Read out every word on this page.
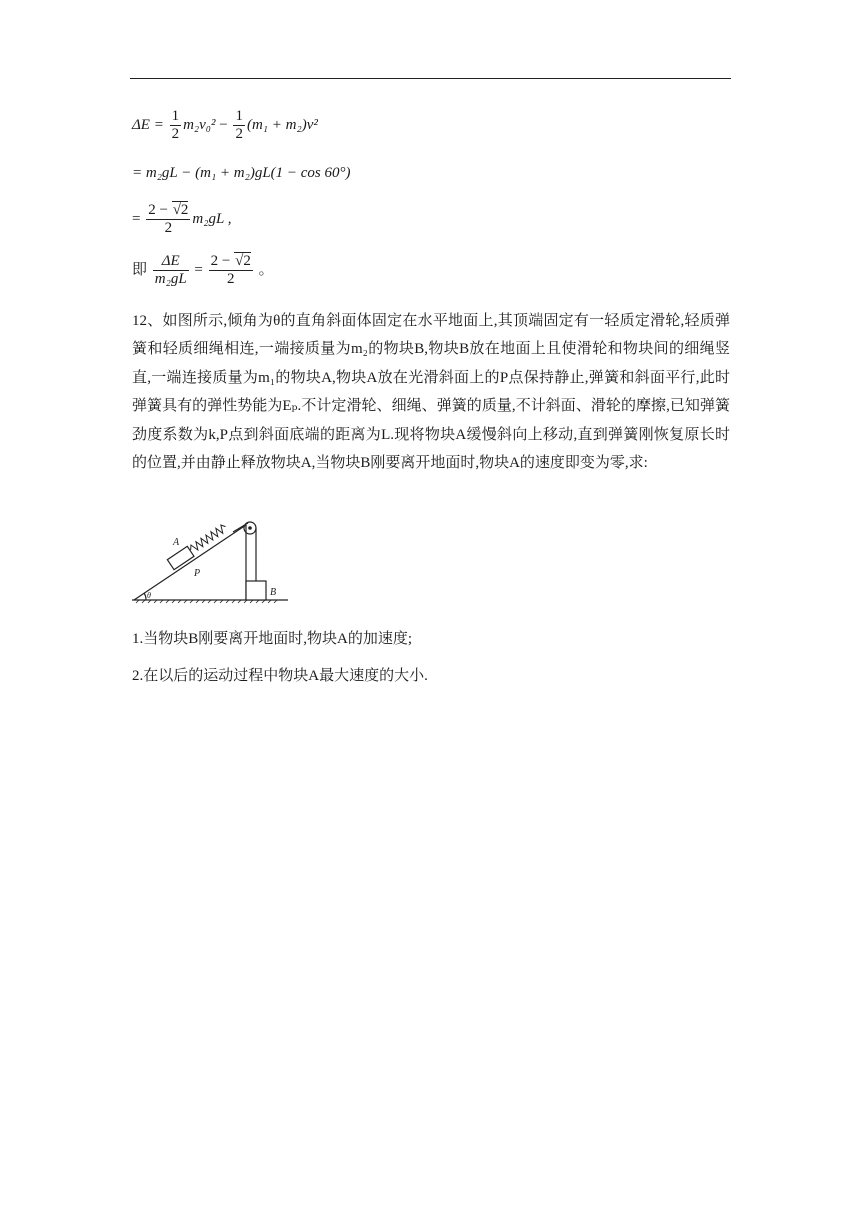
$\Delta E = \frac{1}{2} m_2v_0^2 - \frac{1}{2} (m_1 + m_2)v^2$
= m₂gL − (m₁ + m₂)gL(1 − cos 60°)
= $\frac{2 - √2}{2} m_2gL$ ,
即 $\frac{\Delta E}{\text{m₂gL}} = \frac{2 - √2}{2}$ 。
12、如图所示,倾角为θ的直角斜面体固定在水平地面上,其顶端固定有一轻质定滑轮,轻质弹簧和轻质细绳相连,一端接质量为m₂的物块B,物块B放在地面上且使滑轮和物块间的细绳竖直,一端连接质量为m₁的物块A,物块A放在光滑斜面上的P点保持静止,弹簧和斜面平行,此时弹簧具有的弹性势能为Eₚ.不计定滑轮、细绳、弹簧的质量,不计斜面、滑轮的摩擦,已知弹簧劲度系数为k,P点到斜面底端的距离为L.现将物块A缓慢斜向上移动,直到弹簧刚恢复原长时的位置,并由静止释放物块A,当物块B刚要离开地面时,物块A的速度即变为零,求:
A
P
B
θ
1.当物块B刚要离开地面时,物块A的加速度;
2.在以后的运动过程中物块A最大速度的大小.
